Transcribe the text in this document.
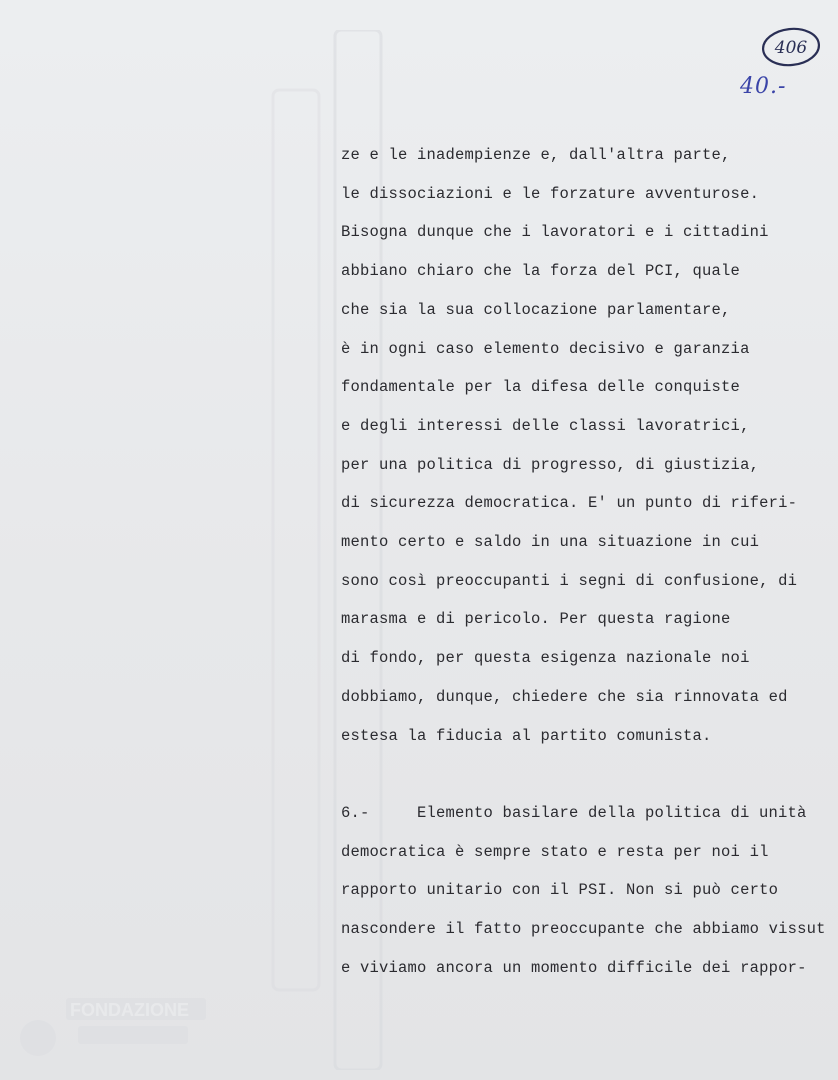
FONDAZIONE
406
40.-
ze e le inadempienze e, dall'altra parte,
le dissociazioni e le forzature avventurose.
Bisogna dunque che i lavoratori e i cittadini
abbiano chiaro che la forza del PCI, quale
che sia la sua collocazione parlamentare,
è in ogni caso elemento decisivo e garanzia
fondamentale per la difesa delle conquiste
e degli interessi delle classi lavoratrici,
per una politica di progresso, di giustizia,
di sicurezza democratica. E' un punto di riferi-
mento certo e saldo in una situazione in cui
sono così preoccupanti i segni di confusione, di
marasma e di pericolo. Per questa ragione
di fondo, per questa esigenza nazionale noi
dobbiamo, dunque, chiedere che sia rinnovata ed
estesa la fiducia al partito comunista.
6.-	Elemento basilare della politica di unità
democratica è sempre stato e resta per noi il
rapporto unitario con il PSI. Non si può certo
nascondere il fatto preoccupante che abbiamo vissut
e viviamo ancora un momento difficile dei rappor-
